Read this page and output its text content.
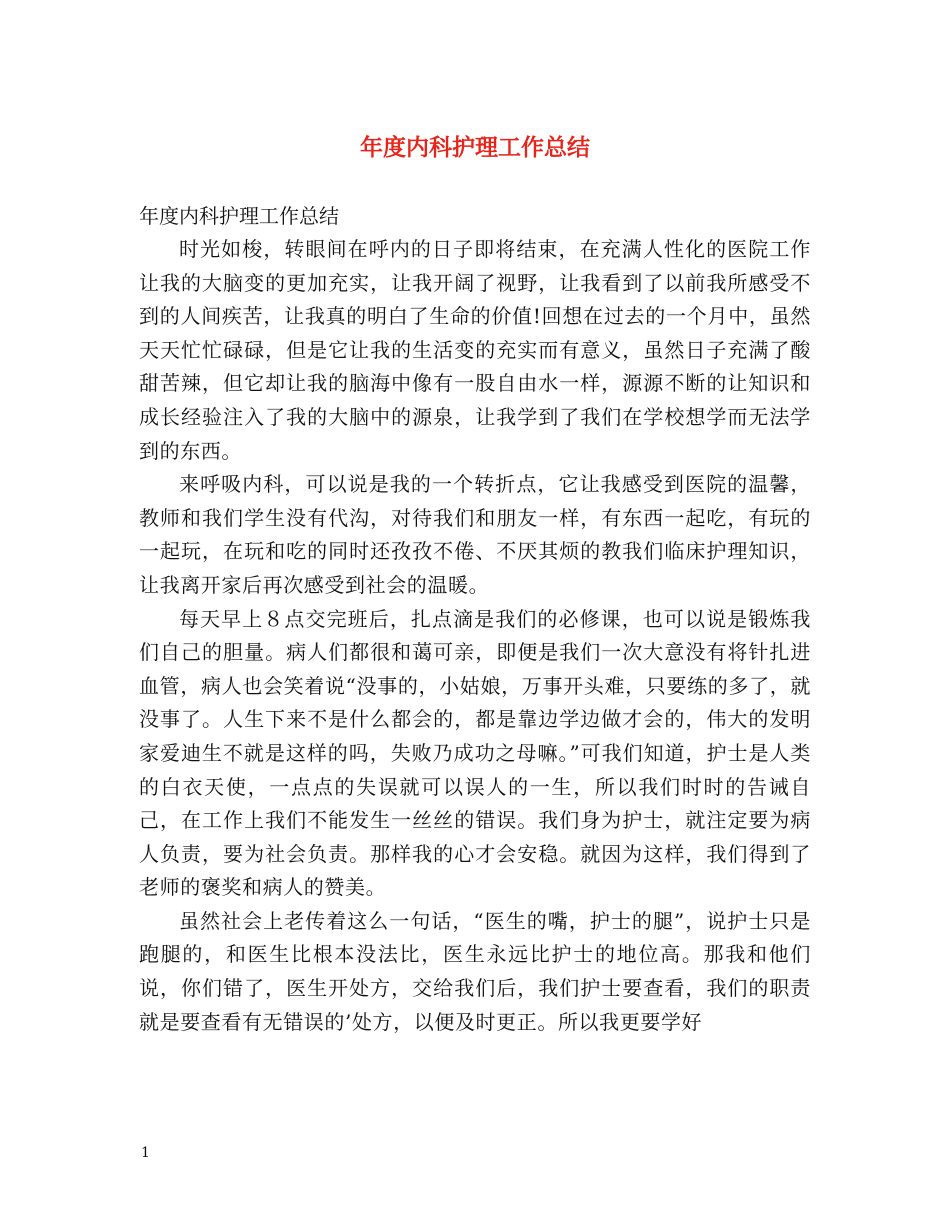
年度内科护理工作总结

年度内科护理工作总结

时光如梭，转眼间在呼内的日子即将结束，在充满人性化的医院工作让我的大脑变的更加充实，让我开阔了视野，让我看到了以前我所感受不到的人间疾苦，让我真的明白了生命的价值!回想在过去的一个月中，虽然天天忙忙碌碌，但是它让我的生活变的充实而有意义，虽然日子充满了酸甜苦辣，但它却让我的脑海中像有一股自由水一样，源源不断的让知识和成长经验注入了我的大脑中的源泉，让我学到了我们在学校想学而无法学到的东西。

来呼吸内科，可以说是我的一个转折点，它让我感受到医院的温馨，教师和我们学生没有代沟，对待我们和朋友一样，有东西一起吃，有玩的一起玩，在玩和吃的同时还孜孜不倦、不厌其烦的教我们临床护理知识，让我离开家后再次感受到社会的温暖。

每天早上８点交完班后，扎点滴是我们的必修课，也可以说是锻炼我们自己的胆量。病人们都很和蔼可亲，即便是我们一次大意没有将针扎进血管，病人也会笑着说“没事的，小姑娘，万事开头难，只要练的多了，就没事了。人生下来不是什么都会的，都是靠边学边做才会的，伟大的发明家爱迪生不就是这样的吗，失败乃成功之母嘛。”可我们知道，护士是人类的白衣天使，一点点的失误就可以误人的一生，所以我们时时的告诫自己，在工作上我们不能发生一丝丝的错误。我们身为护士，就注定要为病人负责，要为社会负责。那样我的心才会安稳。就因为这样，我们得到了老师的褒奖和病人的赞美。

虽然社会上老传着这么一句话，“医生的嘴，护士的腿”，说护士只是跑腿的，和医生比根本没法比，医生永远比护士的地位高。那我和他们说，你们错了，医生开处方，交给我们后，我们护士要查看，我们的职责就是要查看有无错误的’处方，以便及时更正。所以我更要学好

1
